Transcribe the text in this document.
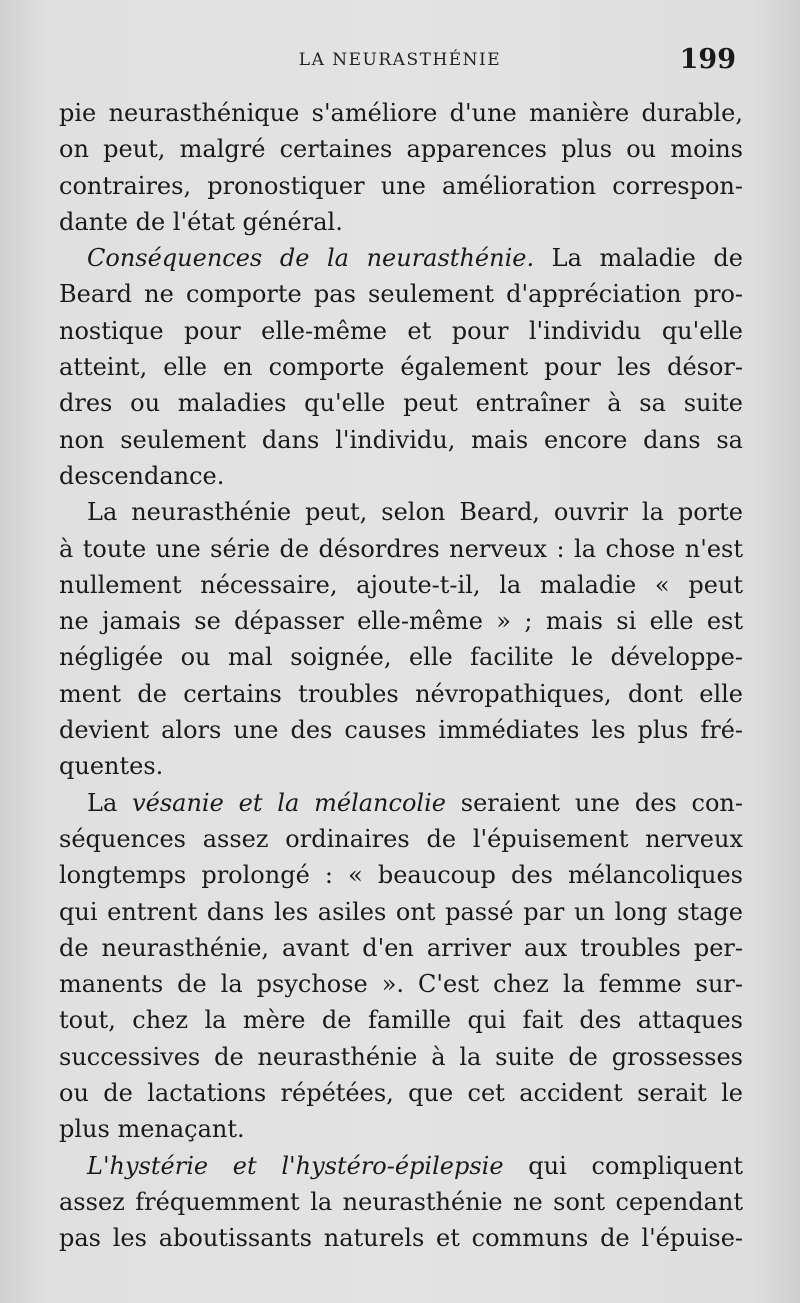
LA NEURASTHÉNIE	199
pie neurasthénique s'améliore d'une manière durable,
on peut, malgré certaines apparences plus ou moins
contraires, pronostiquer une amélioration correspon-
dante de l'état général.
Conséquences de la neurasthénie. La maladie de
Beard ne comporte pas seulement d'appréciation pro-
nostique pour elle-même et pour l'individu qu'elle
atteint, elle en comporte également pour les désor-
dres ou maladies qu'elle peut entraîner à sa suite
non seulement dans l'individu, mais encore dans sa
descendance.
La neurasthénie peut, selon Beard, ouvrir la porte
à toute une série de désordres nerveux : la chose n'est
nullement nécessaire, ajoute-t-il, la maladie « peut
ne jamais se dépasser elle-même » ; mais si elle est
négligée ou mal soignée, elle facilite le développe-
ment de certains troubles névropathiques, dont elle
devient alors une des causes immédiates les plus fré-
quentes.
La vésanie et la mélancolie seraient une des con-
séquences assez ordinaires de l'épuisement nerveux
longtemps prolongé : « beaucoup des mélancoliques
qui entrent dans les asiles ont passé par un long stage
de neurasthénie, avant d'en arriver aux troubles per-
manents de la psychose ». C'est chez la femme sur-
tout, chez la mère de famille qui fait des attaques
successives de neurasthénie à la suite de grossesses
ou de lactations répétées, que cet accident serait le
plus menaçant.
L'hystérie et l'hystéro-épilepsie qui compliquent
assez fréquemment la neurasthénie ne sont cependant
pas les aboutissants naturels et communs de l'épuise-
